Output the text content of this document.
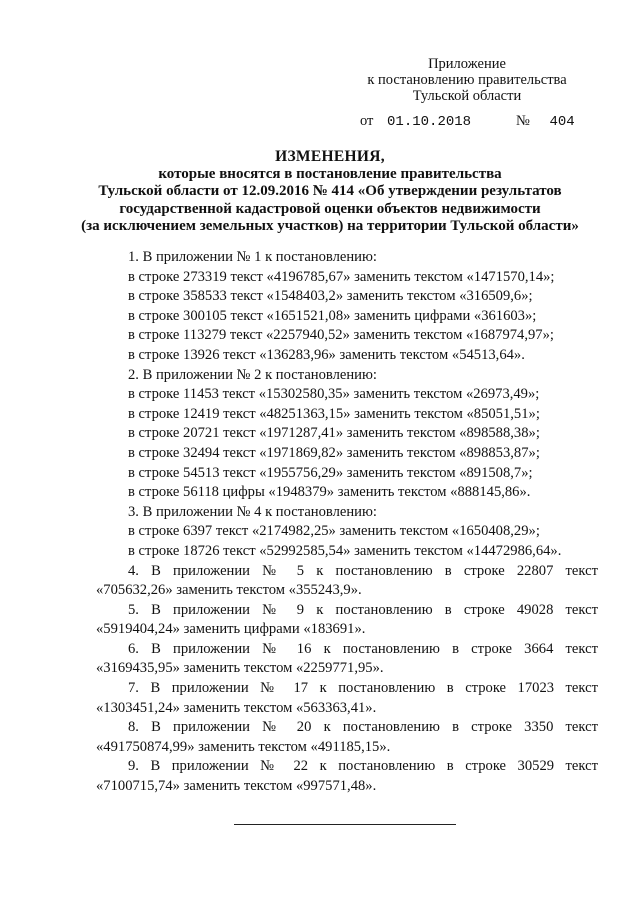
Приложение
к постановлению правительства
Тульской области
от 01.10.2018	№ 404
ИЗМЕНЕНИЯ,
которые вносятся в постановление правительства
Тульской области от 12.09.2016 № 414 «Об утверждении результатов
государственной кадастровой оценки объектов недвижимости
(за исключением земельных участков) на территории Тульской области»
1. В приложении № 1 к постановлению:
в строке 273319 текст «4196785,67» заменить текстом «1471570,14»;
в строке 358533 текст «1548403,2» заменить текстом «316509,6»;
в строке 300105 текст «1651521,08» заменить цифрами «361603»;
в строке 113279 текст «2257940,52» заменить текстом «1687974,97»;
в строке 13926 текст «136283,96» заменить текстом «54513,64».
2. В приложении № 2 к постановлению:
в строке 11453 текст «15302580,35» заменить текстом «26973,49»;
в строке 12419 текст «48251363,15» заменить текстом «85051,51»;
в строке 20721 текст «1971287,41» заменить текстом «898588,38»;
в строке 32494 текст «1971869,82» заменить текстом «898853,87»;
в строке 54513 текст «1955756,29» заменить текстом «891508,7»;
в строке 56118 цифры «1948379» заменить текстом «888145,86».
3. В приложении № 4 к постановлению:
в строке 6397 текст «2174982,25» заменить текстом «1650408,29»;
в строке 18726 текст «52992585,54» заменить текстом «14472986,64».
4. В приложении № 5 к постановлению в строке 22807 текст
«705632,26» заменить текстом «355243,9».
5. В приложении № 9 к постановлению в строке 49028 текст
«5919404,24» заменить цифрами «183691».
6. В приложении № 16 к постановлению в строке 3664 текст
«3169435,95» заменить текстом «2259771,95».
7. В приложении № 17 к постановлению в строке 17023 текст
«1303451,24» заменить текстом «563363,41».
8. В приложении № 20 к постановлению в строке 3350 текст
«491750874,99» заменить текстом «491185,15».
9. В приложении № 22 к постановлению в строке 30529 текст
«7100715,74» заменить текстом «997571,48».
